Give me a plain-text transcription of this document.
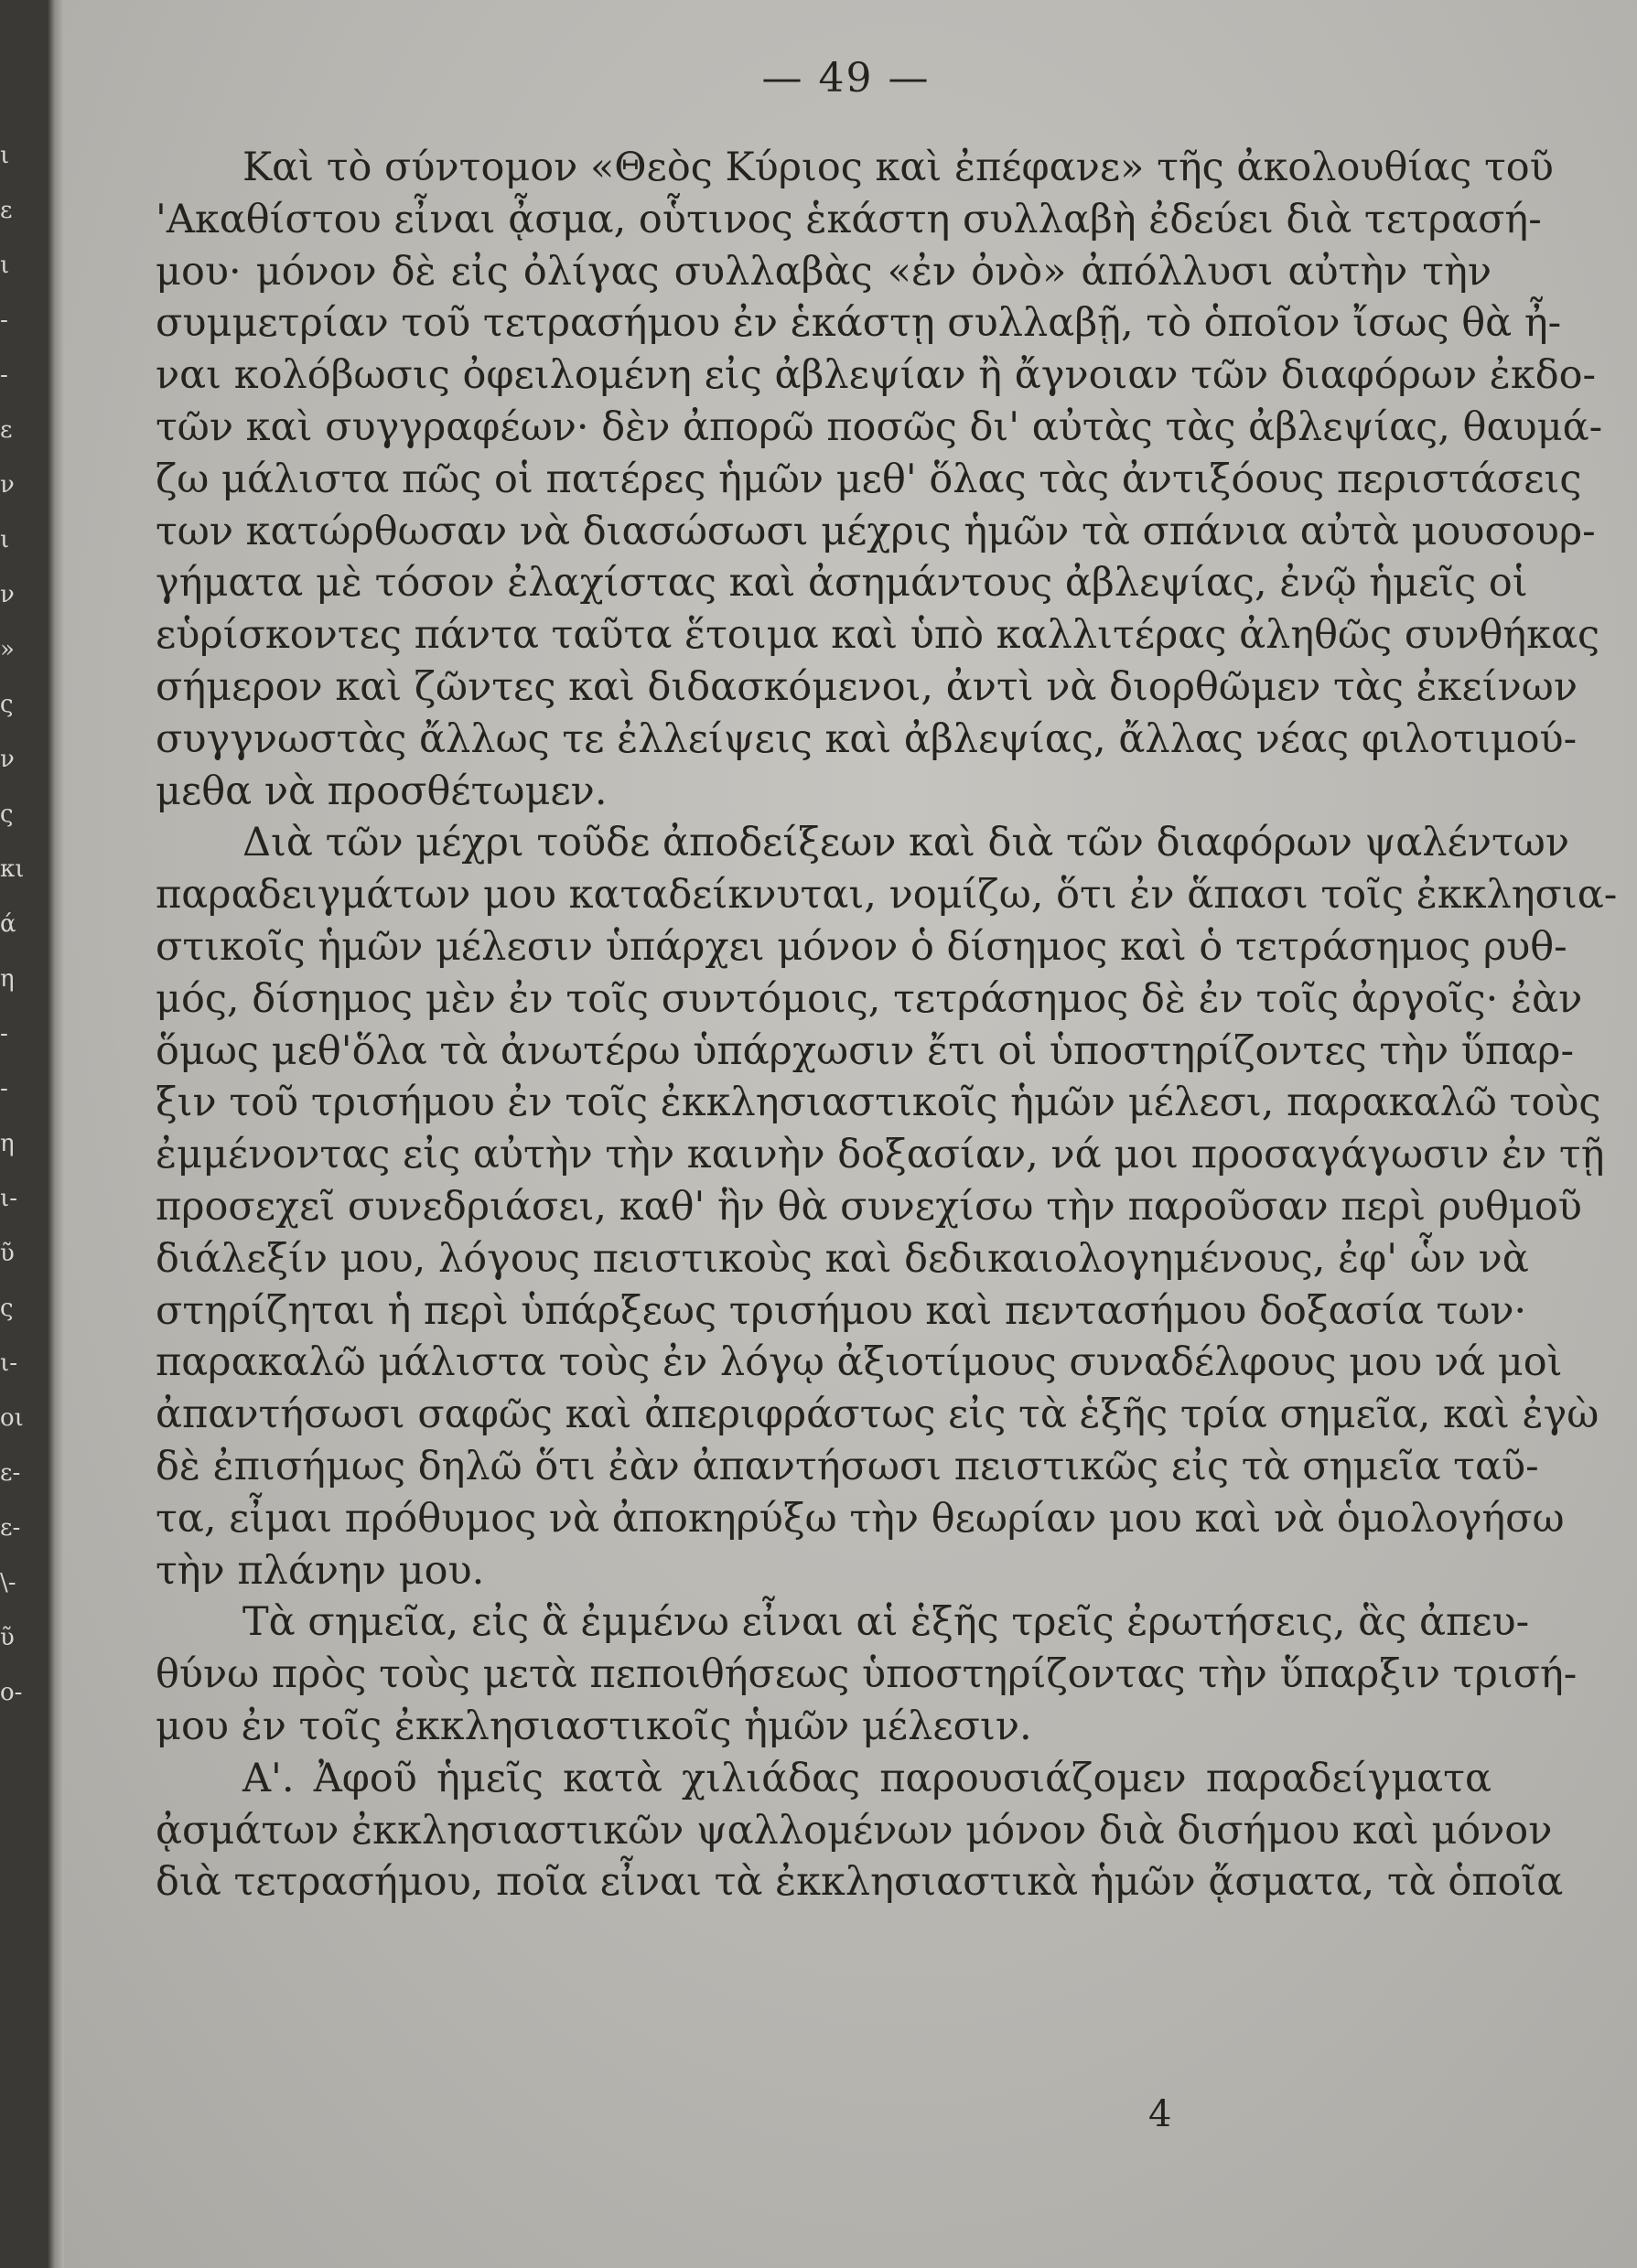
ι
ε
ι
-
-
ε
ν
ι
ν
»
ς
ν
ς
κι
ά
η
-
-
η
ι-
ῦ
ς
ι-
οι
ε-
ε-
\-
ῦ
ο-
— 49 —
Καὶ τὸ σύντομον «Θεὸς Κύριος καὶ ἐπέφανε» τῆς ἀκολουθίας τοῦ
'Ακαθίστου εἶναι ᾆσμα, οὗτινος ἑκάστη συλλαβὴ ἐδεύει διὰ τετρασή-
μου· μόνον δὲ εἰς ὀλίγας συλλαβὰς «ἐν ὀνὸ» ἀπόλλυσι αὐτὴν τὴν
συμμετρίαν τοῦ τετρασήμου ἐν ἑκάστῃ συλλαβῇ, τὸ ὁποῖον ἴσως θὰ ἦ-
ναι κολόβωσις ὀφειλομένη εἰς ἀβλεψίαν ἢ ἄγνοιαν τῶν διαφόρων ἐκδο-
τῶν καὶ συγγραφέων· δὲν ἀπορῶ ποσῶς δι' αὐτὰς τὰς ἀβλεψίας, θαυμά-
ζω μάλιστα πῶς οἱ πατέρες ἡμῶν μεθ' ὅλας τὰς ἀντιξόους περιστάσεις
των κατώρθωσαν νὰ διασώσωσι μέχρις ἡμῶν τὰ σπάνια αὐτὰ μουσουρ-
γήματα μὲ τόσον ἐλαχίστας καὶ ἀσημάντους ἀβλεψίας, ἐνῷ ἡμεῖς οἱ
εὑρίσκοντες πάντα ταῦτα ἕτοιμα καὶ ὑπὸ καλλιτέρας ἀληθῶς συνθήκας
σήμερον καὶ ζῶντες καὶ διδασκόμενοι, ἀντὶ νὰ διορθῶμεν τὰς ἐκείνων
συγγνωστὰς ἄλλως τε ἐλλείψεις καὶ ἀβλεψίας, ἄλλας νέας φιλοτιμού-
μεθα νὰ προσθέτωμεν.
Διὰ τῶν μέχρι τοῦδε ἀποδείξεων καὶ διὰ τῶν διαφόρων ψαλέντων
παραδειγμάτων μου καταδείκνυται, νομίζω, ὅτι ἐν ἅπασι τοῖς ἐκκλησια-
στικοῖς ἡμῶν μέλεσιν ὑπάρχει μόνον ὁ δίσημος καὶ ὁ τετράσημος ρυθ-
μός, δίσημος μὲν ἐν τοῖς συντόμοις, τετράσημος δὲ ἐν τοῖς ἀργοῖς· ἐὰν
ὅμως μεθ'ὅλα τὰ ἀνωτέρω ὑπάρχωσιν ἔτι οἱ ὑποστηρίζοντες τὴν ὕπαρ-
ξιν τοῦ τρισήμου ἐν τοῖς ἐκκλησιαστικοῖς ἡμῶν μέλεσι, παρακαλῶ τοὺς
ἐμμένοντας εἰς αὐτὴν τὴν καινὴν δοξασίαν, νά μοι προσαγάγωσιν ἐν τῇ
προσεχεῖ συνεδριάσει, καθ' ἣν θὰ συνεχίσω τὴν παροῦσαν περὶ ρυθμοῦ
διάλεξίν μου, λόγους πειστικοὺς καὶ δεδικαιολογημένους, ἐφ' ὧν νὰ
στηρίζηται ἡ περὶ ὑπάρξεως τρισήμου καὶ πεντασήμου δοξασία των·
παρακαλῶ μάλιστα τοὺς ἐν λόγῳ ἀξιοτίμους συναδέλφους μου νά μοὶ
ἀπαντήσωσι σαφῶς καὶ ἀπεριφράστως εἰς τὰ ἑξῆς τρία σημεῖα, καὶ ἐγὼ
δὲ ἐπισήμως δηλῶ ὅτι ἐὰν ἀπαντήσωσι πειστικῶς εἰς τὰ σημεῖα ταῦ-
τα, εἶμαι πρόθυμος νὰ ἀποκηρύξω τὴν θεωρίαν μου καὶ νὰ ὁμολογήσω
τὴν πλάνην μου.
Τὰ σημεῖα, εἰς ἃ ἐμμένω εἶναι αἱ ἑξῆς τρεῖς ἐρωτήσεις, ἃς ἀπευ-
θύνω πρὸς τοὺς μετὰ πεποιθήσεως ὑποστηρίζοντας τὴν ὕπαρξιν τρισή-
μου ἐν τοῖς ἐκκλησιαστικοῖς ἡμῶν μέλεσιν.
Α'. Ἀφοῦ ἡμεῖς κατὰ χιλιάδας παρουσιάζομεν παραδείγματα
ᾀσμάτων ἐκκλησιαστικῶν ψαλλομένων μόνον διὰ δισήμου καὶ μόνον
διὰ τετρασήμου, ποῖα εἶναι τὰ ἐκκλησιαστικὰ ἡμῶν ᾄσματα, τὰ ὁποῖα
4
